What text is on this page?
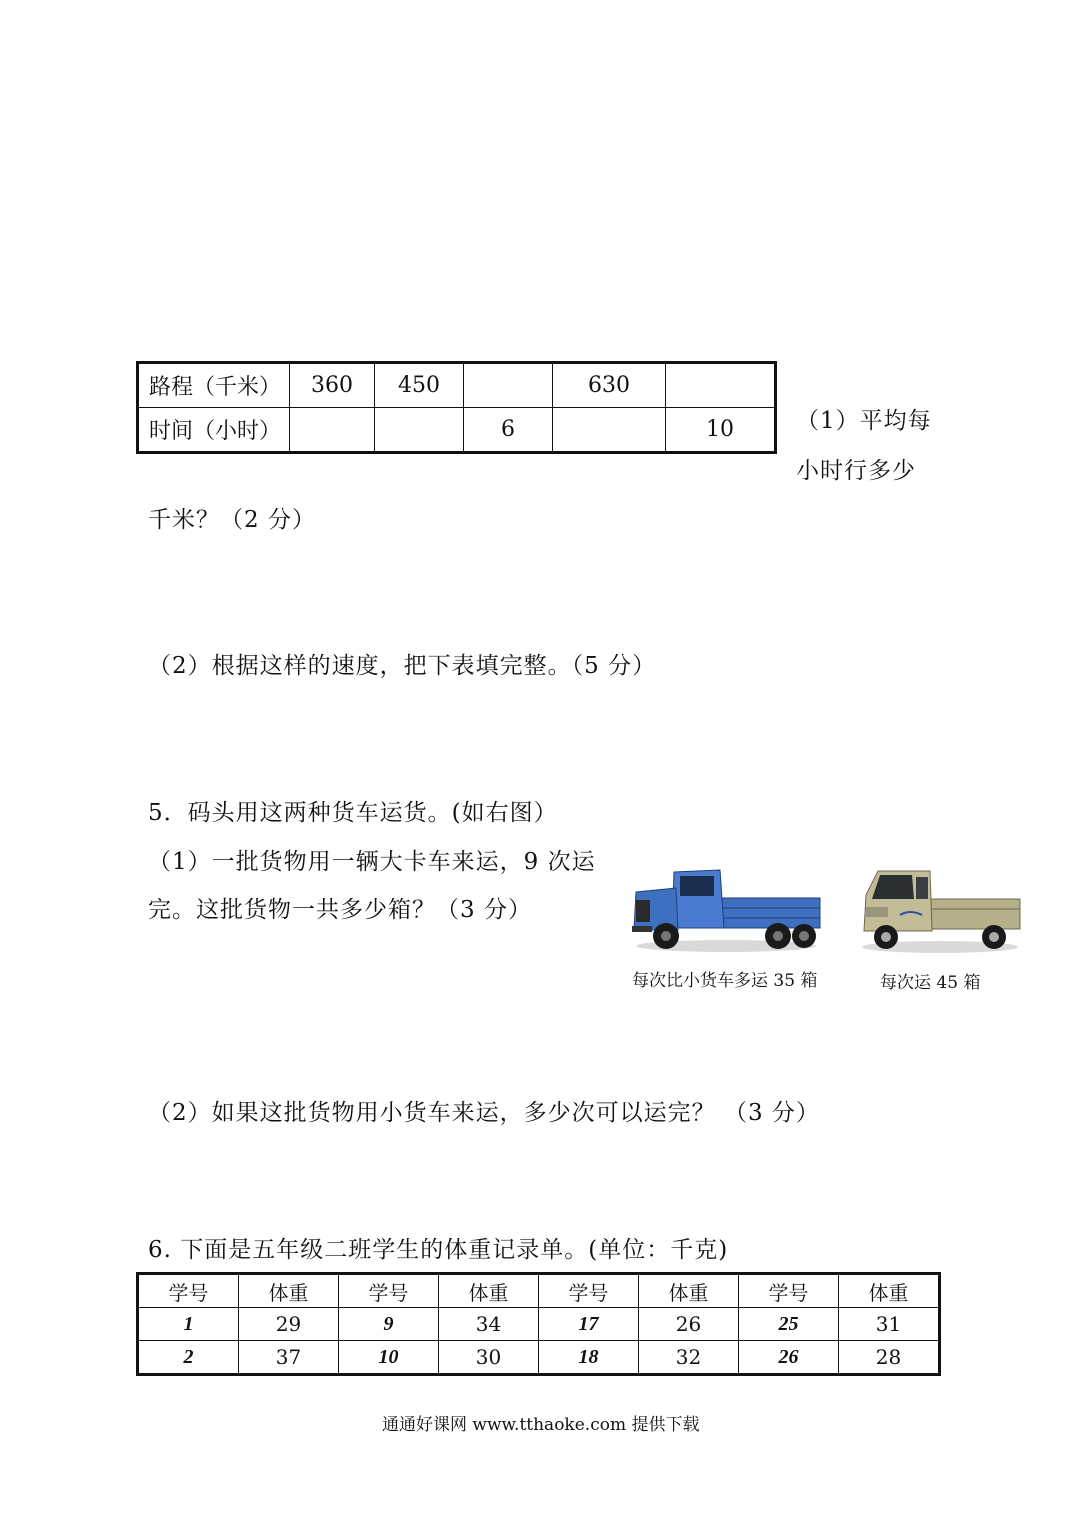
路程（千米）	360	450		630	
时间（小时）			6		10	（1）平均每
小时行多少
千米？（2 分）
（2）根据这样的速度，把下表填完整。（5 分）
5．码头用这两种货车运货。(如右图）
（1）一批货物用一辆大卡车来运，9 次运
完。这批货物一共多少箱？（3 分）
每次比小货车多运 35 箱	每次运 45 箱
（2）如果这批货物用小货车来运，多少次可以运完？ （3 分）
6. 下面是五年级二班学生的体重记录单。(单位：千克)
学号	体重	学号	体重	学号	体重	学号	体重
1	29	9	34	17	26	25	31
2	37	10	30	18	32	26	28
通通好课网 www.tthaoke.com 提供下载
